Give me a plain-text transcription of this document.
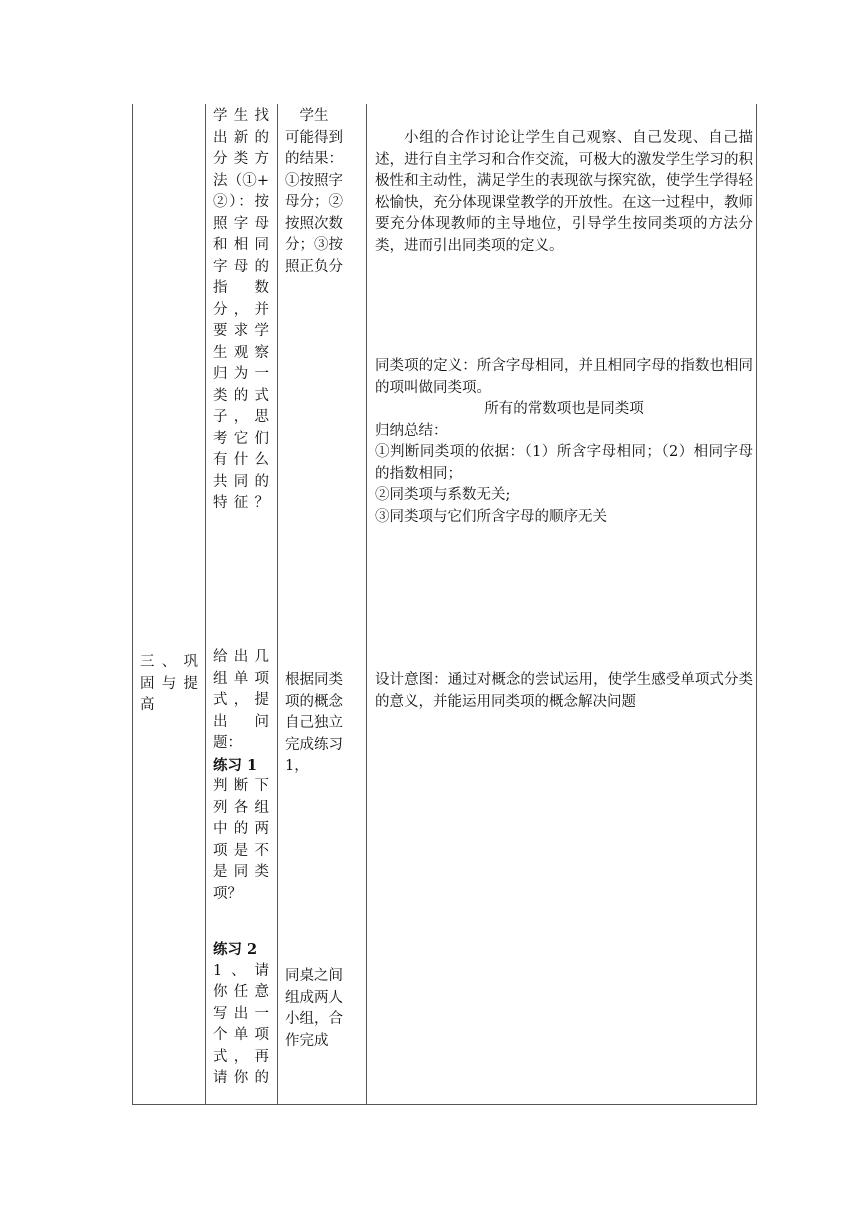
三、巩

固与提

高

学生找

出新的

分类方

法（①+

②）：按

照字母

和相同

字母的

指　数

分，并

要求学

生观察

归为一

类的式

子，思

考它们

有什么

共同的

特征？

给出几

组单项

式，提

出　问

题：

练习 1

判断下

列各组

中的两

项是不

是同类

项？

练习 2

1、请

你任意

写出一

个单项

式，再

请你的

　学生

可能得到

的结果：

①按照字

母分；②

按照次数

分；③按

照正负分

根据同类

项的概念

自己独立

完成练习

1，

同桌之间

组成两人

小组，合

作完成

小组的合作讨论让学生自己观察、自己发现、自己描述，进行自主学习和合作交流，可极大的激发学生学习的积极性和主动性，满足学生的表现欲与探究欲，使学生学得轻松愉快，充分体现课堂教学的开放性。在这一过程中，教师要充分体现教师的主导地位，引导学生按同类项的方法分类，进而引出同类项的定义。

同类项的定义：所含字母相同，并且相同字母的指数也相同的项叫做同类项。

所有的常数项也是同类项

归纳总结：

①判断同类项的依据：（1）所含字母相同；（2）相同字母的指数相同；

②同类项与系数无关;

③同类项与它们所含字母的顺序无关

设计意图：通过对概念的尝试运用，使学生感受单项式分类的意义，并能运用同类项的概念解决问题
